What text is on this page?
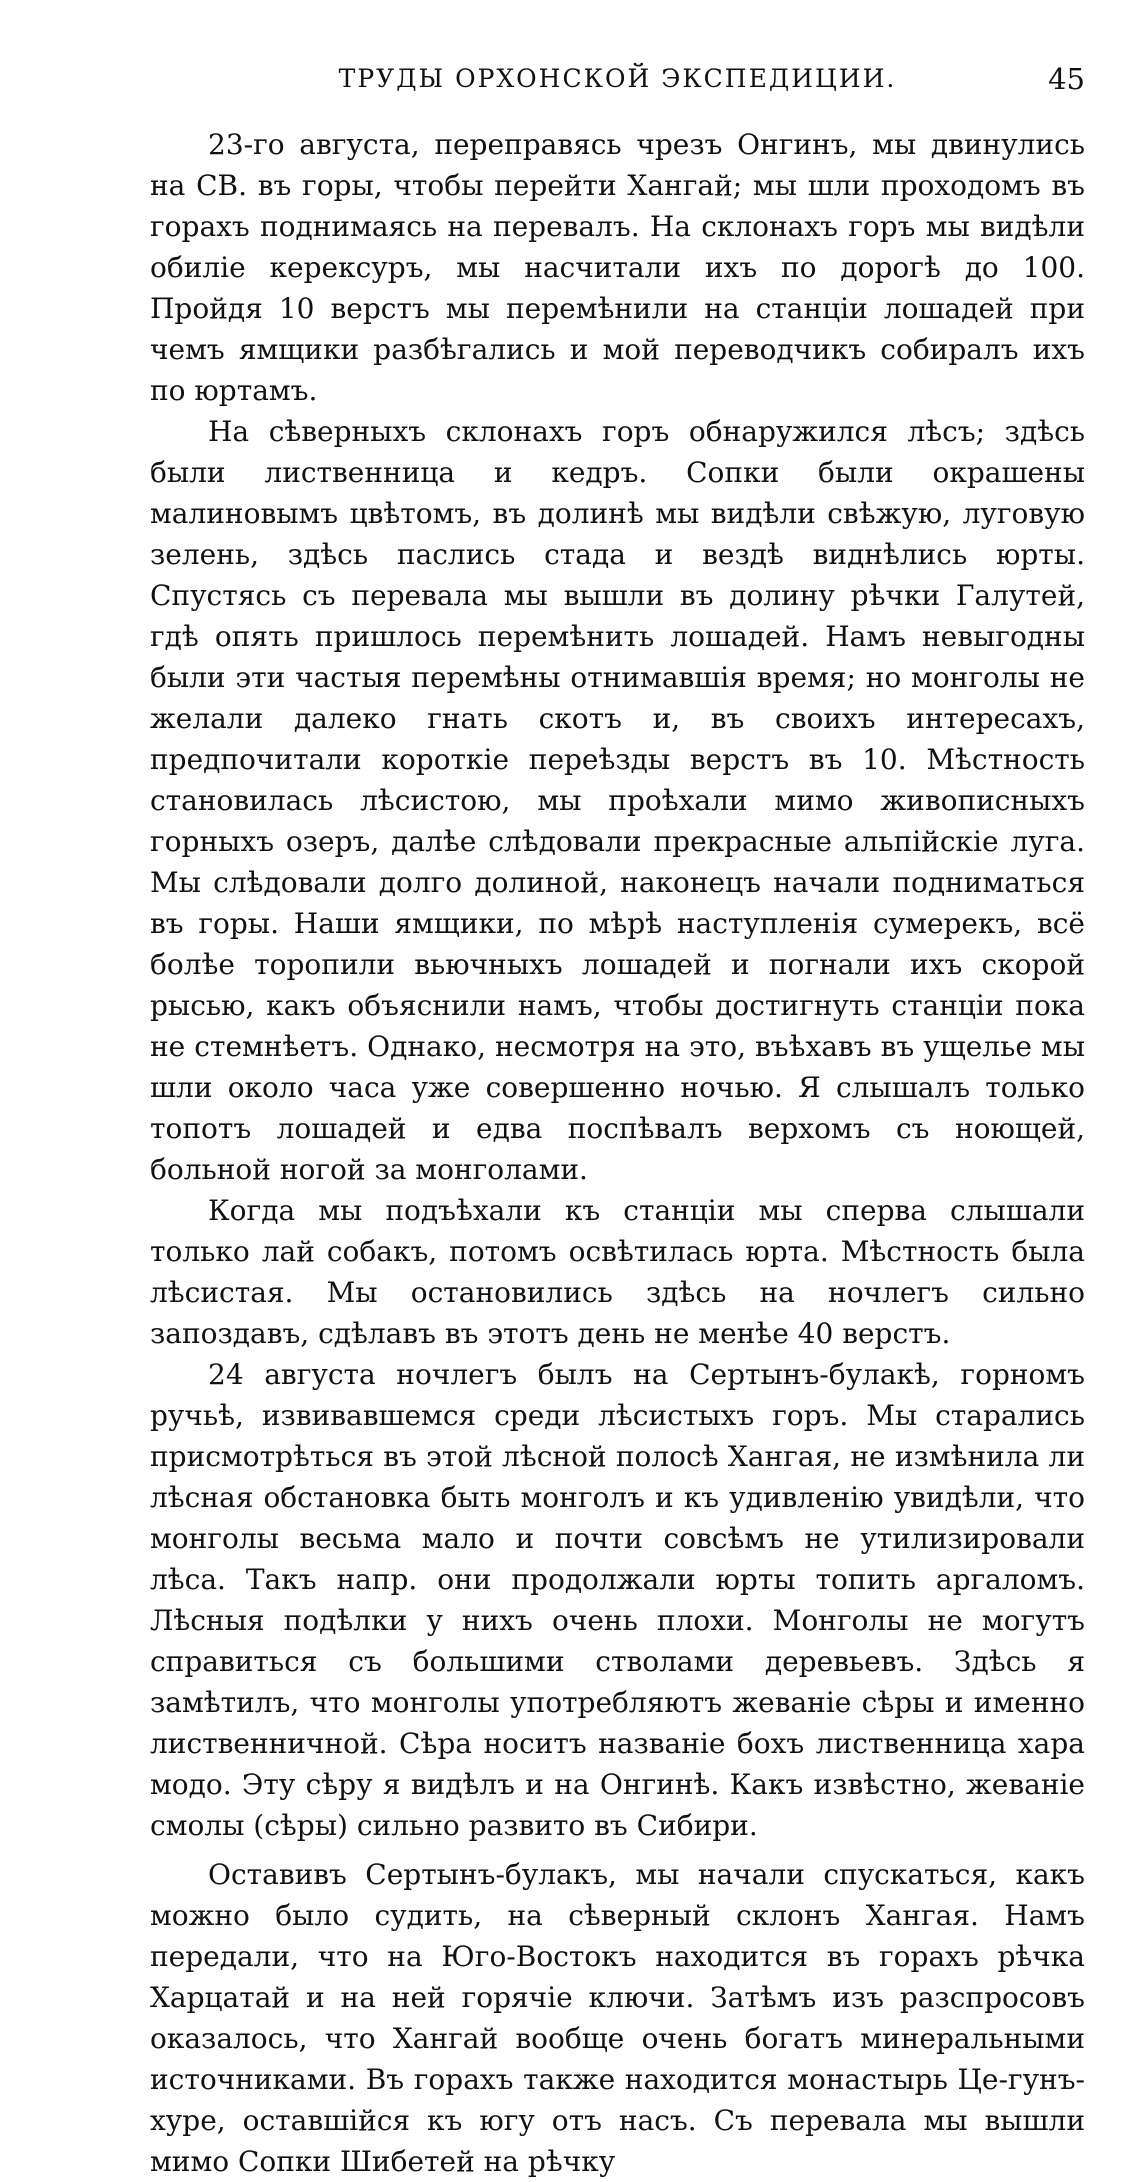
ТРУДЫ ОРХОНСКОЙ ЭКСПЕДИЦИИ.	45

23-го августа, переправясь чрезъ Онгинъ, мы двинулись на СВ. въ горы, чтобы перейти Хангай; мы шли проходомъ въ горахъ поднимаясь на перевалъ. На склонахъ горъ мы видѣли обиліе керексуръ, мы насчитали ихъ по дорогѣ до 100. Пройдя 10 верстъ мы перемѣнили на станціи лошадей при чемъ ямщики разбѣгались и мой переводчикъ собиралъ ихъ по юртамъ.

На сѣверныхъ склонахъ горъ обнаружился лѣсъ; здѣсь были лиственница и кедръ. Сопки были окрашены малиновымъ цвѣтомъ, въ долинѣ мы видѣли свѣжую, луговую зелень, здѣсь паслись стада и вездѣ виднѣлись юрты. Спустясь съ перевала мы вышли въ долину рѣчки Галутей, гдѣ опять пришлось перемѣнить лошадей. Намъ невыгодны были эти частыя перемѣны отнимавшія время; но монголы не желали далеко гнать скотъ и, въ своихъ интересахъ, предпочитали короткіе переѣзды верстъ въ 10. Мѣстность становилась лѣсистою, мы проѣхали мимо живописныхъ горныхъ озеръ, далѣе слѣдовали прекрасные альпійскіе луга. Мы слѣдовали долго долиной, наконецъ начали подниматься въ горы. Наши ямщики, по мѣрѣ наступленія сумерекъ, всё болѣе торопили вьючныхъ лошадей и погнали ихъ скорой рысью, какъ объяснили намъ, чтобы достигнуть станціи пока не стемнѣетъ. Однако, несмотря на это, въѣхавъ въ ущелье мы шли около часа уже совершенно ночью. Я слышалъ только топотъ лошадей и едва поспѣвалъ верхомъ съ ноющей, больной ногой за монголами.

Когда мы подъѣхали къ станціи мы сперва слышали только лай собакъ, потомъ освѣтилась юрта. Мѣстность была лѣсистая. Мы остановились здѣсь на ночлегъ сильно запоздавъ, сдѣлавъ въ этотъ день не менѣе 40 верстъ.

24 августа ночлегъ былъ на Сертынъ-булакѣ, горномъ ручьѣ, извивавшемся среди лѣсистыхъ горъ. Мы старались присмотрѣться въ этой лѣсной полосѣ Хангая, не измѣнила ли лѣсная обстановка быть монголъ и къ удивленію увидѣли, что монголы весьма мало и почти совсѣмъ не утилизировали лѣса. Такъ напр. они продолжали юрты топить аргаломъ. Лѣсныя подѣлки у нихъ очень плохи. Монголы не могутъ справиться съ большими стволами деревьевъ. Здѣсь я замѣтилъ, что монголы употребляютъ жеваніе сѣры и именно лиственничной. Сѣра носитъ названіе бохъ лиственница хара модо. Эту сѣру я видѣлъ и на Онгинѣ. Какъ извѣстно, жеваніе смолы (сѣры) сильно развито въ Сибири.

Оставивъ Сертынъ-булакъ, мы начали спускаться, какъ можно было судить, на сѣверный склонъ Хангая. Намъ передали, что на Юго-Востокъ находится въ горахъ рѣчка Харцатай и на ней горячіе ключи. Затѣмъ изъ разспросовъ оказалось, что Хангай вообще очень богатъ минеральными источниками. Въ горахъ также находится монастырь Це-гунъ-хуре, оставшійся къ югу отъ насъ. Съ перевала мы вышли мимо Сопки Шибетей на рѣчку
